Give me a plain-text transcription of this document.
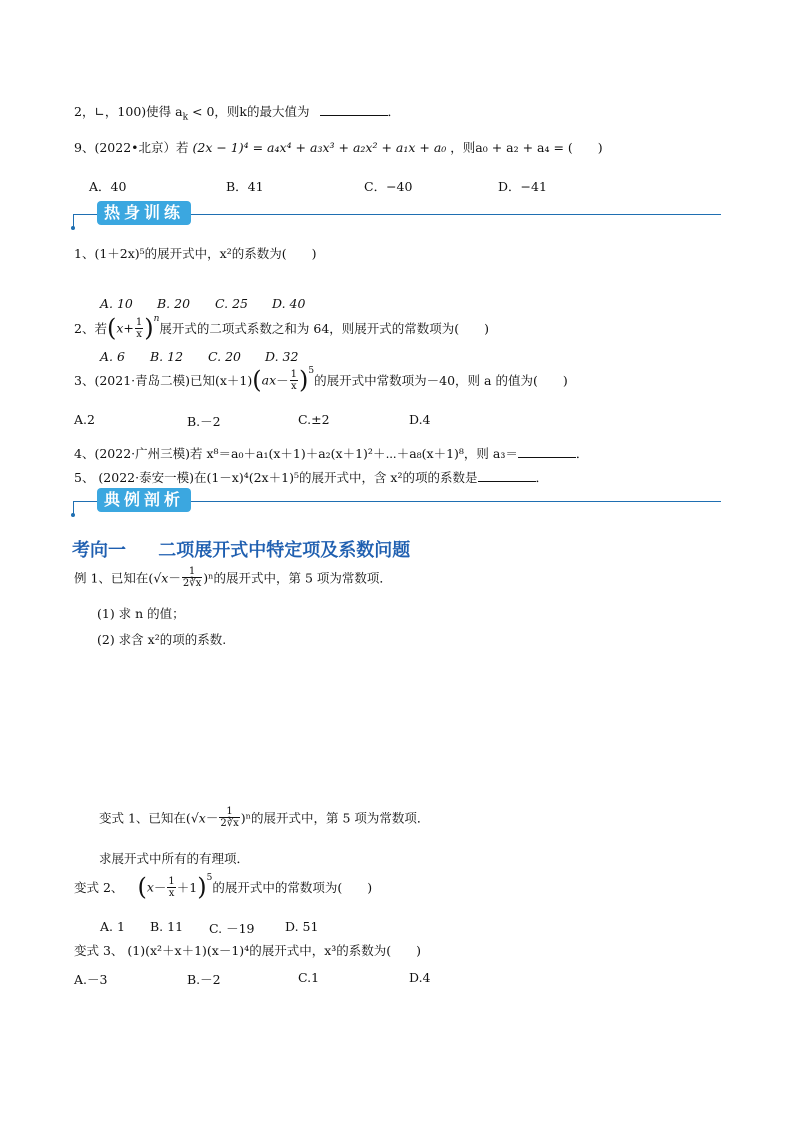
2，∟，100)使得 $a_k < 0$，则k的最大值为	．
9、(2022•北京）若 (2x − 1)⁴ = a₄x⁴ + a₃x³ + a₂x² + a₁x + a₀ ，则a₀ + a₂ + a₄ = (　　)
A．40	B．41	C．−40	D．−41
热身训练
1、(1＋2x)⁵的展开式中，x²的系数为(　　)
A. 10 B. 20 C. 25 D. 40
2、若$(x+ \frac{1}{x} )^n$展开式的二项式系数之和为 64，则展开式的常数项为(　　)
A. 6 B. 12 C. 20 D. 32
3、(2021·青岛二模)已知$(x+1)(ax- \frac{1}{x} )^5$的展开式中常数项为－40，则 a 的值为(　　)
A.2	B.－2	C.±2	D.4
4、(2022·广州三模)若 x⁸＝a₀＋a₁(x＋1)＋a₂(x＋1)²＋⋯＋a₈(x＋1)⁸，则 a₃＝	．
5、 (2022·泰安一模)在(1－x)⁴(2x＋1)⁵的展开式中，含 x²的项的系数是	．
典例剖析
考向一 二项展开式中特定项及系数问题
例 1、已知在$(√x- \frac{1}{2∛x} )^n$的展开式中，第 5 项为常数项．
(1) 求 n 的值；
(2) 求含 x²的项的系数.
变式 1、已知在$(√x- \frac{1}{2∛x} )^n$的展开式中，第 5 项为常数项．
求展开式中所有的有理项．
变式 2、 $(x- \frac{1}{x} +1)^5$的展开式中的常数项为(　　)
A. 1 B. 11 C. －19 D. 51
变式 3、 (1)(x²＋x＋1)(x－1)⁴的展开式中，x³的系数为(　　)
A.－3	B.－2	C.1	D.4
